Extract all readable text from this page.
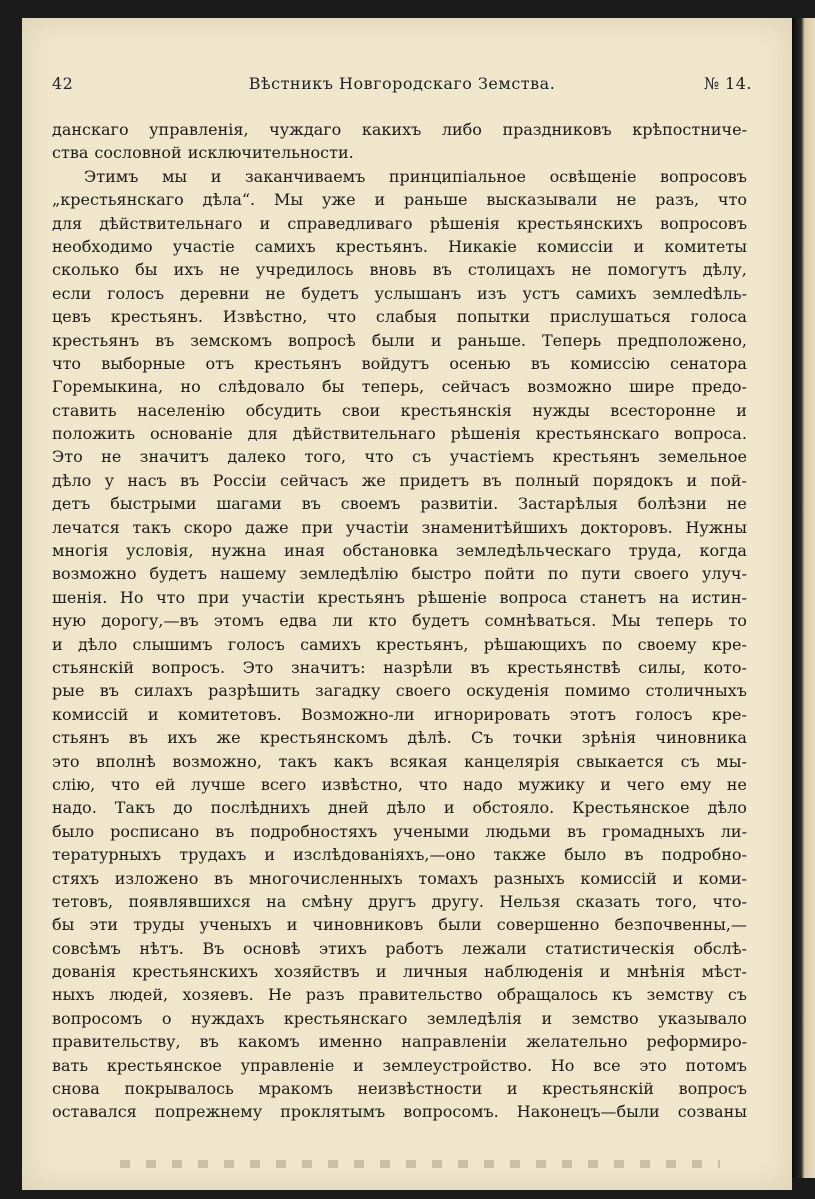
42	Вѣстникъ Новгородскаго Земства.	№ 14.
данскаго управленія, чуждаго какихъ либо праздниковъ крѣпостниче-
ства сословной исключительности.
Этимъ мы и заканчиваемъ принципіальное освѣщеніе вопросовъ
„крестьянскаго дѣла“. Мы уже и раньше высказывали не разъ, что
для дѣйствительнаго и справедливаго рѣшенія крестьянскихъ вопросовъ
необходимо участіе самихъ крестьянъ. Никакіе комиссіи и комитеты
сколько бы ихъ не учредилось вновь въ столицахъ не помогутъ дѣлу,
если голосъ деревни не будетъ услышанъ изъ устъ самихъ землedѣль-
цевъ крестьянъ. Извѣстно, что слабыя попытки прислушаться голоса
крестьянъ въ земскомъ вопросѣ были и раньше. Теперь предположено,
что выборные отъ крестьянъ войдутъ осенью въ комиссію сенатора
Горемыкина, но слѣдовало бы теперь, сейчасъ возможно шире предо-
ставить населенію обсудить свои крестьянскія нужды всесторонне и
положить основаніе для дѣйствительнаго рѣшенія крестьянскаго вопроса.
Это не значитъ далеко того, что съ участіемъ крестьянъ земельное
дѣло у насъ въ Россіи сейчасъ же придетъ въ полный порядокъ и пой-
детъ быстрыми шагами въ своемъ развитіи. Застарѣлыя болѣзни не
лечатся такъ скоро даже при участіи знаменитѣйшихъ докторовъ. Нужны
многія условія, нужна иная обстановка земледѣльческаго труда, когда
возможно будетъ нашему земледѣлію быстро пойти по пути своего улуч-
шенія. Но что при участіи крестьянъ рѣшеніе вопроса станетъ на истин-
ную дорогу,—въ этомъ едва ли кто будетъ сомнѣваться. Мы теперь то
и дѣло слышимъ голосъ самихъ крестьянъ, рѣшающихъ по своему кре-
стьянскій вопросъ. Это значитъ: назрѣли въ крестьянствѣ силы, кото-
рые въ силахъ разрѣшить загадку своего оскуденія помимо столичныхъ
комиссій и комитетовъ. Возможно-ли игнорировать этотъ голосъ кре-
стьянъ въ ихъ же крестьянскомъ дѣлѣ. Съ точки зрѣнія чиновника
это вполнѣ возможно, такъ какъ всякая канцелярія свыкается съ мы-
слію, что ей лучше всего извѣстно, что надо мужику и чего ему не
надо. Такъ до послѣднихъ дней дѣло и обстояло. Крестьянское дѣло
было росписано въ подробностяхъ учеными людьми въ громадныхъ ли-
тературныхъ трудахъ и изслѣдованіяхъ,—оно также было въ подробно-
стяхъ изложено въ многочисленныхъ томахъ разныхъ комиссій и коми-
тетовъ, появлявшихся на смѣну другъ другу. Нельзя сказать того, что-
бы эти труды ученыхъ и чиновниковъ были совершенно безпочвенны,—
совсѣмъ нѣтъ. Въ основѣ этихъ работъ лежали статистическія обслѣ-
дованія крестьянскихъ хозяйствъ и личныя наблюденія и мнѣнія мѣст-
ныхъ людей, хозяевъ. Не разъ правительство обращалось къ земству съ
вопросомъ о нуждахъ крестьянскаго земледѣлія и земство указывало
правительству, въ какомъ именно направленіи желательно реформиро-
вать крестьянское управленіе и землеустройство. Но все это потомъ
снова покрывалось мракомъ неизвѣстности и крестьянскій вопросъ
оставался попрежнему проклятымъ вопросомъ. Наконецъ—были созваны
